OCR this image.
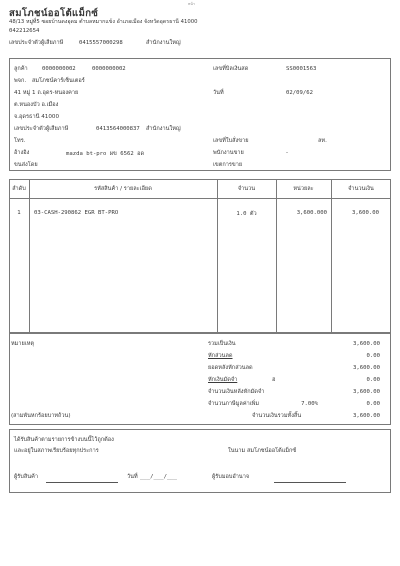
หน้า
สมโภชน์ออโต้แม็กซ์
48/13 หมู่ที่5 ซอยบ้านดงอุดม ตำบลหมากแข้ง อำเภอเมือง จังหวัดอุดรธานี 41000
042212654
เลขประจำตัวผู้เสียภาษี	0415557000298	สำนักงานใหญ่
ลูกค้า	0000000002	0000000002
พจก. สมโภชน์คาร์เซ็นเตอร์
41 หมู่ 1 ถ.อุดร-หนองคาย
ต.หนองบัว อ.เมือง
จ.อุดรธานี 41000
เลขประจำตัวผู้เสียภาษี	0413564000837 สำนักงานใหญ่
โทร.
อ้างอิง	mazda bt-pro ผข 6562 อด
ขนส่งโดย
เลขที่บิลเงินสด	SS0001563
วันที่	02/09/62
เลขที่ใบสั่งขาย	ลท.
พนักงานขาย	-
เขตการขาย
ลำดับ	รหัสสินค้า / รายละเอียด	จำนวน	หน่วยละ	จำนวนเงิน
1	03-CASH-290862 EGR BT-PRO	1.0 ตัว	3,600.000	3,600.00
หมายเหตุ
(สามพันหกร้อยบาทถ้วน)
รวมเป็นเงิน	3,600.00
หักส่วนลด	0.00
ยอดหลังหักส่วนลด	3,600.00
หักเงินมัดจำ	ฮ	0.00
จำนวนเงินหลังหักมัดจำ	3,600.00
จำนวนภาษีมูลค่าเพิ่ม	7.00%	0.00
จำนวนเงินรวมทั้งสิ้น	3,600.00
ได้รับสินค้าตามรายการข้างบนนี้ไว้ถูกต้อง
และอยู่ในสภาพเรียบร้อยทุกประการ	ในนาม สมโภชน์ออโต้แม็กซ์
ผู้รับสินค้า	วันที่ ___/___/___	ผู้รับมอบอำนาจ
